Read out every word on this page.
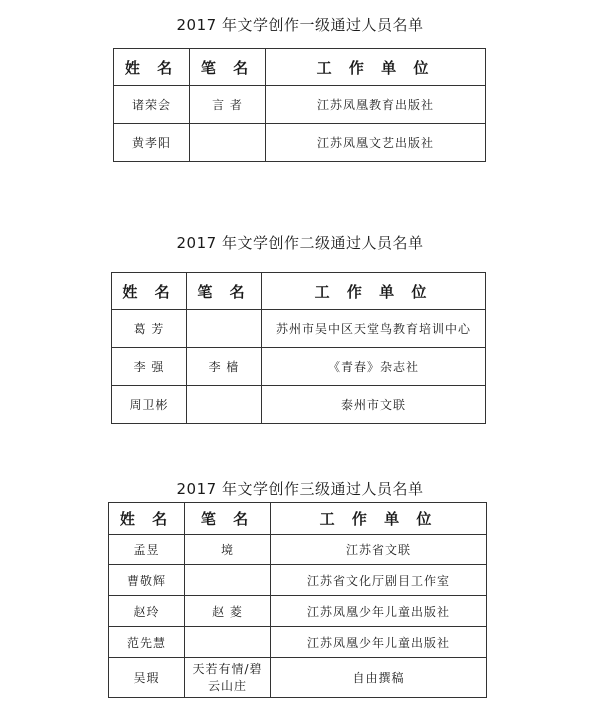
2017 年文学创作一级通过人员名单
姓 名	笔 名	工 作 单 位
诸荣会	言 者	江苏凤凰教育出版社
黄孝阳		江苏凤凰文艺出版社
2017 年文学创作二级通过人员名单
姓 名	笔 名	工 作 单 位
葛 芳		苏州市吴中区天堂鸟教育培训中心
李 强	李 樯	《青春》杂志社
周卫彬		泰州市文联
2017 年文学创作三级通过人员名单
姓 名	笔 名	工 作 单 位
孟昱	境	江苏省文联
曹敬辉		江苏省文化厅剧目工作室
赵玲	赵 菱	江苏凤凰少年儿童出版社
范先慧		江苏凤凰少年儿童出版社
吴瑕	天若有情/碧云山庄	自由撰稿
